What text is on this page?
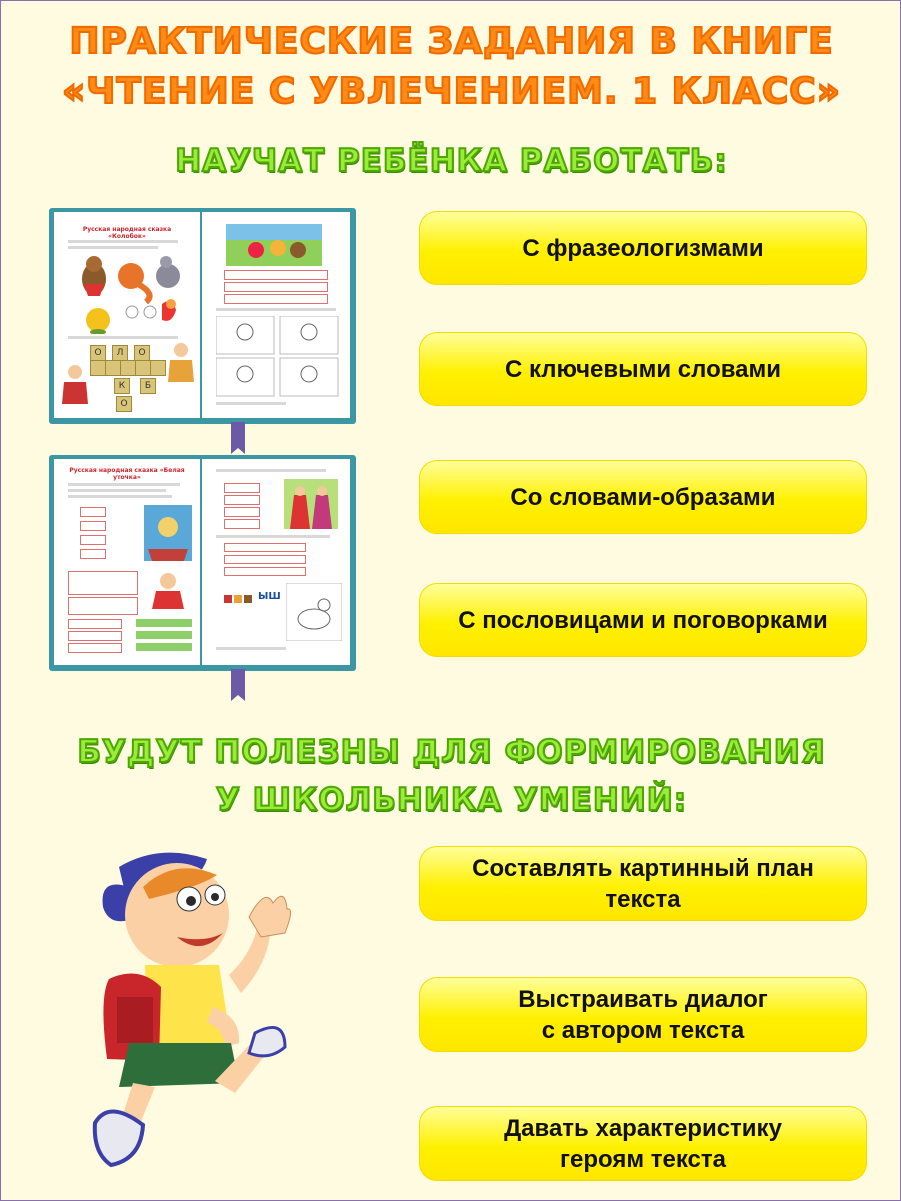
ПРАКТИЧЕСКИЕ ЗАДАНИЯ В КНИГЕ
«ЧТЕНИЕ С УВЛЕЧЕНИЕМ. 1 КЛАСС»
НАУЧАТ РЕБЁНКА РАБОТАТЬ:
Русская народная сказка «Колобок»
О	Л	О
К	Б
О
Русская народная сказка «Белая уточка»
ЫШ
С фразеологизмами
С ключевыми словами
Со словами-образами
С пословицами и поговорками
БУДУТ ПОЛЕЗНЫ ДЛЯ ФОРМИРОВАНИЯ
У ШКОЛЬНИКА УМЕНИЙ:
Составлять картинный план
текста
Выстраивать диалог
с автором текста
Давать характеристику
героям текста
